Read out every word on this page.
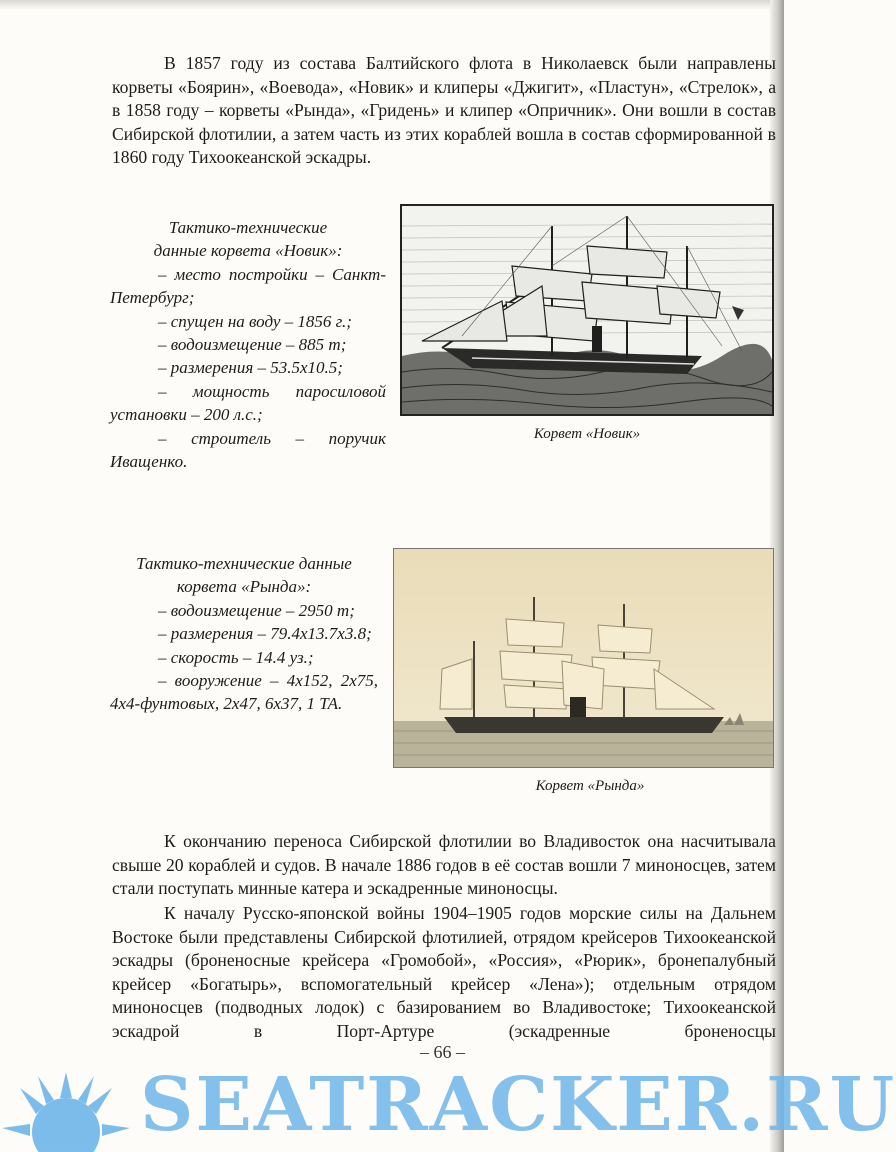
В 1857 году из состава Балтийского флота в Николаевск были направлены корветы «Боярин», «Воевода», «Новик» и клиперы «Джигит», «Пластун», «Стрелок», а в 1858 году – корветы «Рында», «Гридень» и клипер «Опричник». Они вошли в состав Сибирской флотилии, а затем часть из этих кораблей вошла в состав сформированной в 1860 году Тихоокеанской эскадры.

Тактико-технические
данные корвета «Новик»:
– место постройки – Санкт-Петербург;
– спущен на воду – 1856 г.;
– водоизмещение – 885 т;
– размерения – 53.5х10.5;
– мощность паросиловой установки – 200 л.с.;
– строитель – поручик Иващенко.
Корвет «Новик»
Тактико-технические данные
корвета «Рында»:
– водоизмещение – 2950 т;
– размерения – 79.4х13.7х3.8;
– скорость – 14.4 уз.;
– вооружение – 4х152, 2х75, 4х4-фунтовых, 2х47, 6х37, 1 ТА.
Корвет «Рында»

К окончанию переноса Сибирской флотилии во Владивосток она насчитывала свыше 20 кораблей и судов. В начале 1886 годов в её состав вошли 7 миноносцев, затем стали поступать минные катера и эскадренные миноносцы.

К началу Русско-японской войны 1904–1905 годов морские силы на Дальнем Востоке были представлены Сибирской флотилией, отрядом крейсеров Тихоокеанской эскадры (броненосные крейсера «Громобой», «Россия», «Рюрик», бронепалубный крейсер «Богатырь», вспомогательный крейсер «Лена»); отдельным отрядом миноносцев (подводных лодок) с базированием во Владивостоке; Тихоокеанской эскадрой в Порт-Артуре (эскадренные броненосцы

– 66 –
SEATRACKER.RU
